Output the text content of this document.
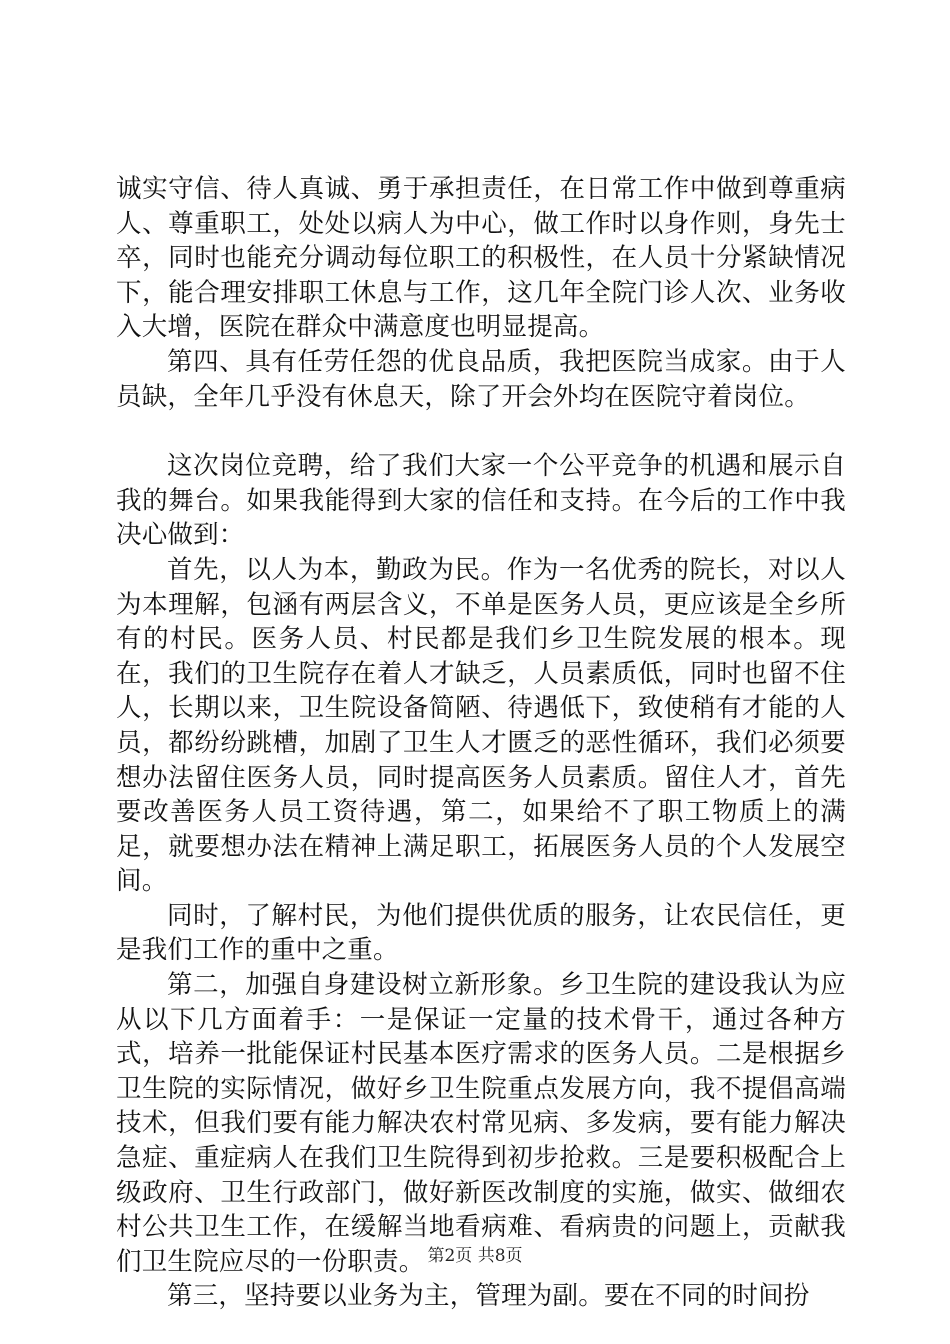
诚实守信、待人真诚、勇于承担责任，在日常工作中做到尊重病人、尊重职工，处处以病人为中心，做工作时以身作则，身先士卒，同时也能充分调动每位职工的积极性，在人员十分紧缺情况下，能合理安排职工休息与工作，这几年全院门诊人次、业务收入大增，医院在群众中满意度也明显提高。

第四、具有任劳任怨的优良品质，我把医院当成家。由于人员缺，全年几乎没有休息天，除了开会外均在医院守着岗位。

这次岗位竞聘，给了我们大家一个公平竞争的机遇和展示自我的舞台。如果我能得到大家的信任和支持。在今后的工作中我决心做到：

首先，以人为本，勤政为民。作为一名优秀的院长，对以人为本理解，包涵有两层含义，不单是医务人员，更应该是全乡所有的村民。医务人员、村民都是我们乡卫生院发展的根本。现在，我们的卫生院存在着人才缺乏，人员素质低，同时也留不住人，长期以来，卫生院设备简陋、待遇低下，致使稍有才能的人员，都纷纷跳槽，加剧了卫生人才匮乏的恶性循环，我们必须要想办法留住医务人员，同时提高医务人员素质。留住人才，首先要改善医务人员工资待遇，第二，如果给不了职工物质上的满足，就要想办法在精神上满足职工，拓展医务人员的个人发展空间。

同时，了解村民，为他们提供优质的服务，让农民信任，更是我们工作的重中之重。

第二，加强自身建设树立新形象。乡卫生院的建设我认为应从以下几方面着手：一是保证一定量的技术骨干，通过各种方式，培养一批能保证村民基本医疗需求的医务人员。二是根据乡卫生院的实际情况，做好乡卫生院重点发展方向，我不提倡高端技术，但我们要有能力解决农村常见病、多发病，要有能力解决急症、重症病人在我们卫生院得到初步抢救。三是要积极配合上级政府、卫生行政部门，做好新医改制度的实施，做实、做细农村公共卫生工作，在缓解当地看病难、看病贵的问题上，贡献我们卫生院应尽的一份职责。

第三，坚持要以业务为主，管理为副。要在不同的时间扮

第2页 共8页
